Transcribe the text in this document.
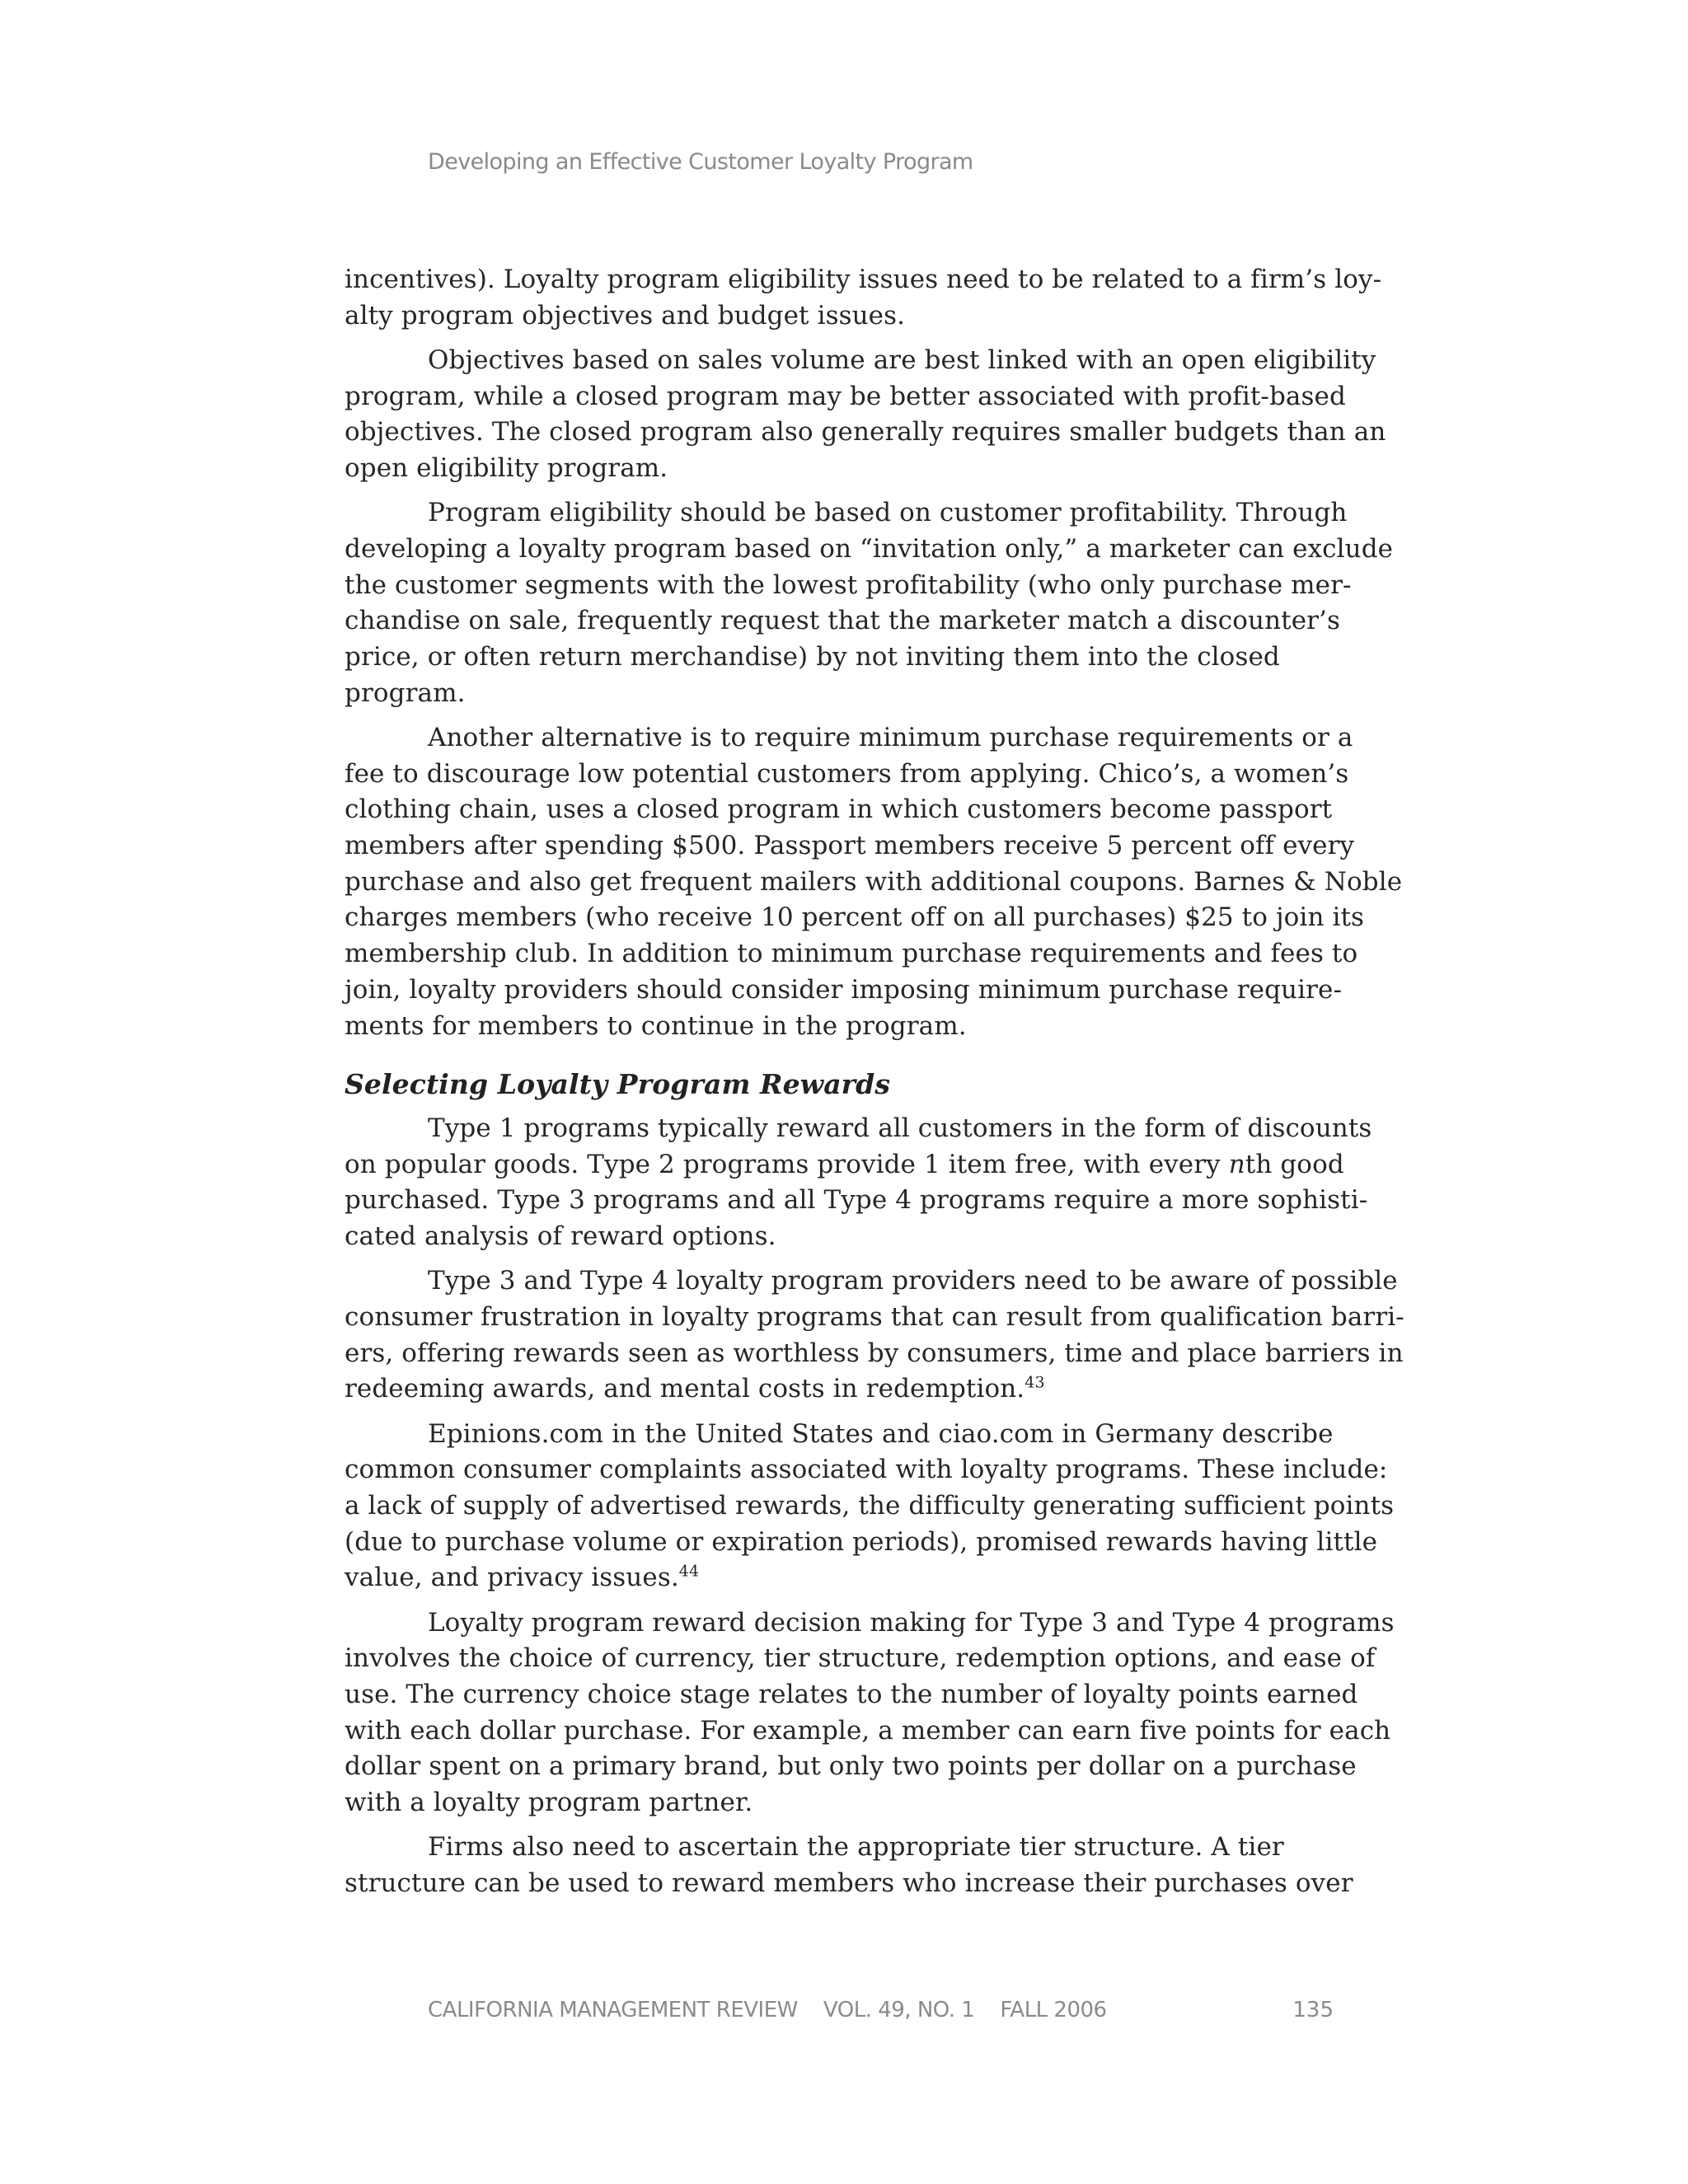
Developing an Effective Customer Loyalty Program

incentives). Loyalty program eligibility issues need to be related to a firm’s loy-
alty program objectives and budget issues.

Objectives based on sales volume are best linked with an open eligibility
program, while a closed program may be better associated with profit-based
objectives. The closed program also generally requires smaller budgets than an
open eligibility program.

Program eligibility should be based on customer profitability. Through
developing a loyalty program based on “invitation only,” a marketer can exclude
the customer segments with the lowest profitability (who only purchase mer-
chandise on sale, frequently request that the marketer match a discounter’s
price, or often return merchandise) by not inviting them into the closed
program.

Another alternative is to require minimum purchase requirements or a
fee to discourage low potential customers from applying. Chico’s, a women’s
clothing chain, uses a closed program in which customers become passport
members after spending $500. Passport members receive 5 percent off every
purchase and also get frequent mailers with additional coupons. Barnes & Noble
charges members (who receive 10 percent off on all purchases) $25 to join its
membership club. In addition to minimum purchase requirements and fees to
join, loyalty providers should consider imposing minimum purchase require-
ments for members to continue in the program.

Selecting Loyalty Program Rewards

Type 1 programs typically reward all customers in the form of discounts
on popular goods. Type 2 programs provide 1 item free, with every nth good
purchased. Type 3 programs and all Type 4 programs require a more sophisti-
cated analysis of reward options.

Type 3 and Type 4 loyalty program providers need to be aware of possible
consumer frustration in loyalty programs that can result from qualification barri-
ers, offering rewards seen as worthless by consumers, time and place barriers in
redeeming awards, and mental costs in redemption.$^{43}$

Epinions.com in the United States and ciao.com in Germany describe
common consumer complaints associated with loyalty programs. These include:
a lack of supply of advertised rewards, the difficulty generating sufficient points
(due to purchase volume or expiration periods), promised rewards having little
value, and privacy issues.$^{44}$

Loyalty program reward decision making for Type 3 and Type 4 programs
involves the choice of currency, tier structure, redemption options, and ease of
use. The currency choice stage relates to the number of loyalty points earned
with each dollar purchase. For example, a member can earn five points for each
dollar spent on a primary brand, but only two points per dollar on a purchase
with a loyalty program partner.

Firms also need to ascertain the appropriate tier structure. A tier
structure can be used to reward members who increase their purchases over

CALIFORNIA MANAGEMENT REVIEW VOL. 49, NO. 1 FALL 2006	135
